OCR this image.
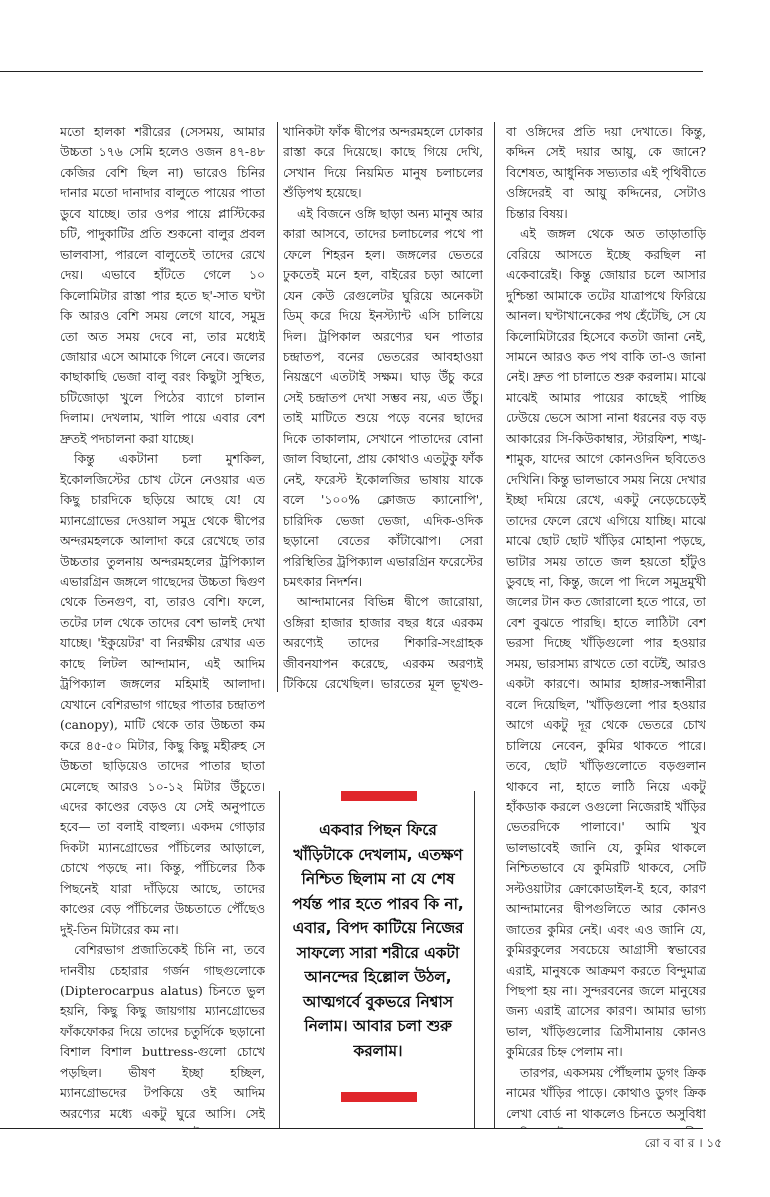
মতো হালকা শরীরের (সেসময়, আমার উচ্চতা ১৭৬ সেমি হলেও ওজন ৪৭-৪৮ কেজির বেশি ছিল না) ভারেও চিনির দানার মতো দানাদার বালুতে পায়ের পাতা ডুবে যাচ্ছে। তার ওপর পায়ে প্লাস্টিকের চটি, পাদুকাটির প্রতি শুকনো বালুর প্রবল ভালবাসা, পারলে বালুতেই তাদের রেখে দেয়। এভাবে হাঁটতে গেলে ১০ কিলোমিটার রাস্তা পার হতে ছ'-সাত ঘণ্টা কি আরও বেশি সময় লেগে যাবে, সমুদ্র তো অত সময় দেবে না, তার মধ্যেই জোয়ার এসে আমাকে গিলে নেবে। জলের কাছাকাছি ভেজা বালু বরং কিছুটা সুস্থিত, চটিজোড়া খুলে পিঠের ব্যাগে চালান দিলাম। দেখলাম, খালি পায়ে এবার বেশ দ্রুতই পদচালনা করা যাচ্ছে।

কিন্তু একটানা চলা মুশকিল, ইকোলজিস্টের চোখ টেনে নেওয়ার এত কিছু চারদিকে ছড়িয়ে আছে যে! যে ম্যানগ্রোভের দেওয়াল সমুদ্র থেকে দ্বীপের অন্দরমহলকে আলাদা করে রেখেছে তার উচ্চতার তুলনায় অন্দরমহলের ট্রপিক্যাল এভারগ্রিন জঙ্গলে গাছেদের উচ্চতা দ্বিগুণ থেকে তিনগুণ, বা, তারও বেশি। ফলে, তটের ঢাল থেকে তাদের বেশ ভালই দেখা যাচ্ছে। 'ইকুয়েটর' বা নিরক্ষীয় রেখার এত কাছে লিটল আন্দামান, এই আদিম ট্রপিক্যাল জঙ্গলের মহিমাই আলাদা। যেখানে বেশিরভাগ গাছের পাতার চন্দ্রাতপ (canopy), মাটি থেকে তার উচ্চতা কম করে ৪৫-৫০ মিটার, কিছু কিছু মহীরুহ সে উচ্চতা ছাড়িয়েও তাদের পাতার ছাতা মেলেছে আরও ১০-১২ মিটার উঁচুতে। এদের কাণ্ডের বেড়ও যে সেই অনুপাতে হবে— তা বলাই বাহুল্য। একদম গোড়ার দিকটা ম্যানগ্রোভের পাঁচিলের আড়ালে, চোখে পড়ছে না। কিন্তু, পাঁচিলের ঠিক পিছনেই যারা দাঁড়িয়ে আছে, তাদের কাণ্ডের বেড় পাঁচিলের উচ্চতাতে পৌঁছেও দুই-তিন মিটারের কম না।

বেশিরভাগ প্রজাতিকেই চিনি না, তবে দানবীয় চেহারার গর্জন গাছগুলোকে (Dipterocarpus alatus) চিনতে ভুল হয়নি, কিছু কিছু জায়গায় ম্যানগ্রোভের ফাঁকফোকর দিয়ে তাদের চতুর্দিকে ছড়ানো বিশাল বিশাল buttress-গুলো চোখে পড়ছিল। ভীষণ ইচ্ছা হচ্ছিল, ম্যানগ্রোভদের টপকিয়ে ওই আদিম অরণ্যের মধ্যে একটু ঘুরে আসি। সেই

খানিকটা ফাঁক দ্বীপের অন্দরমহলে ঢোকার রাস্তা করে দিয়েছে। কাছে গিয়ে দেখি, সেখান দিয়ে নিয়মিত মানুষ চলাচলের শুঁড়িপথ হয়েছে।

এই বিজনে ওঙ্গি ছাড়া অন্য মানুষ আর কারা আসবে, তাদের চলাচলের পথে পা ফেলে শিহরন হল। জঙ্গলের ভেতরে ঢুকতেই মনে হল, বাইরের চড়া আলো যেন কেউ রেগুলেটর ঘুরিয়ে অনেকটা ডিম্ করে দিয়ে ইনস্ট্যান্ট এসি চালিয়ে দিল। ট্রপিকাল অরণ্যের ঘন পাতার চন্দ্রাতপ, বনের ভেতরের আবহাওয়া নিয়ন্ত্রণে এতটাই সক্ষম। ঘাড় উঁচু করে সেই চন্দ্রাতপ দেখা সম্ভব নয়, এত উঁচু। তাই মাটিতে শুয়ে পড়ে বনের ছাদের দিকে তাকালাম, সেখানে পাতাদের বোনা জাল বিছানো, প্রায় কোথাও এতটুকু ফাঁক নেই, ফরেস্ট ইকোলজির ভাষায় যাকে বলে '১০০% ক্লোজড ক্যানোপি', চারিদিক ভেজা ভেজা, এদিক-ওদিক ছড়ানো বেতের কাঁটাঝোপ। সেরা পরিস্থিতির ট্রপিক্যাল এভারগ্রিন ফরেস্টের চমৎকার নিদর্শন।

আন্দামানের বিভিন্ন দ্বীপে জারোয়া, ওঙ্গিরা হাজার হাজার বছর ধরে এরকম অরণ্যেই তাদের শিকারি-সংগ্রাহক জীবনযাপন করেছে, এরকম অরণ্যই টিকিয়ে রেখেছিল। ভারতের মূল ভূখণ্ড-

একবার পিছন ফিরে খাঁড়িটাকে দেখলাম, এতক্ষণ নিশ্চিত ছিলাম না যে শেষ পর্যন্ত পার হতে পারব কি না, এবার, বিপদ কাটিয়ে নিজের সাফল্যে সারা শরীরে একটা আনন্দের হিল্লোল উঠল, আত্মগর্বে বুকভরে নিশ্বাস নিলাম। আবার চলা শুরু করলাম।

বা ওঙ্গিদের প্রতি দয়া দেখাতে। কিন্তু, কদ্দিন সেই দয়ার আয়ু, কে জানে? বিশেষত, আধুনিক সভ্যতার এই পৃথিবীতে ওঙ্গিদেরই বা আয়ু কদ্দিনের, সেটাও চিন্তার বিষয়।

এই জঙ্গল থেকে অত তাড়াতাড়ি বেরিয়ে আসতে ইচ্ছে করছিল না একেবারেই। কিন্তু জোয়ার চলে আসার দুশ্চিন্তা আমাকে তটের যাত্রাপথে ফিরিয়ে আনল। ঘণ্টাখানেকের পথ হেঁটেছি, সে যে কিলোমিটারের হিসেবে কতটা জানা নেই, সামনে আরও কত পথ বাকি তা-ও জানা নেই। দ্রুত পা চালাতে শুরু করলাম। মাঝে মাঝেই আমার পায়ের কাছেই পাচ্ছি ঢেউয়ে ভেসে আসা নানা ধরনের বড় বড় আকারের সি-কিউকাম্বার, স্টারফিশ, শঙ্খ-শামুক, যাদের আগে কোনওদিন ছবিতেও দেখিনি। কিন্তু ভালভাবে সময় নিয়ে দেখার ইচ্ছা দমিয়ে রেখে, একটু নেড়েচেড়েই তাদের ফেলে রেখে এগিয়ে যাচ্ছি। মাঝে মাঝে ছোট ছোট খাঁড়ির মোহানা পড়ছে, ভাটার সময় তাতে জল হয়তো হাঁটুও ডুবছে না, কিন্তু, জলে পা দিলে সমুদ্রমুখী জলের টান কত জোরালো হতে পারে, তা বেশ বুঝতে পারছি। হাতে লাঠিটা বেশ ভরসা দিচ্ছে খাঁড়িগুলো পার হওয়ার সময়, ভারসাম্য রাখতে তো বটেই, আরও একটা কারণে। আমার হাঙ্গার-সন্ধানীরা বলে দিয়েছিল, 'খাঁড়িগুলো পার হওয়ার আগে একটু দূর থেকে ভেতরে চোখ চালিয়ে নেবেন, কুমির থাকতে পারে। তবে, ছোট খাঁড়িগুলোতে বড়গুলান থাকবে না, হাতে লাঠি নিয়ে একটু হাঁকডাক করলে ওগুলো নিজেরাই খাঁড়ির ভেতরদিকে পালাবে।' আমি খুব ভালভাবেই জানি যে, কুমির থাকলে নিশ্চিতভাবে যে কুমিরটি থাকবে, সেটি সল্টওয়াটার ক্রোকোডাইল-ই হবে, কারণ আন্দামানের দ্বীপগুলিতে আর কোনও জাতের কুমির নেই। এবং এও জানি যে, কুমিরকুলের সবচেয়ে আগ্রাসী স্বভাবের এরাই, মানুষকে আক্রমণ করতে বিন্দুমাত্র পিছপা হয় না। সুন্দরবনের জলে মানুষের জন্য এরাই ত্রাসের কারণ। আমার ভাগ্য ভাল, খাঁড়িগুলোর ত্রিসীমানায় কোনও কুমিরের চিহ্ন পেলাম না।

তারপর, একসময় পৌঁছলাম ডুগং ক্রিক নামের খাঁড়ির পাড়ে। কোথাও ডুগং ক্রিক লেখা বোর্ড না থাকলেও চিনতে অসুবিধা

রো ব বা র । ১৫
